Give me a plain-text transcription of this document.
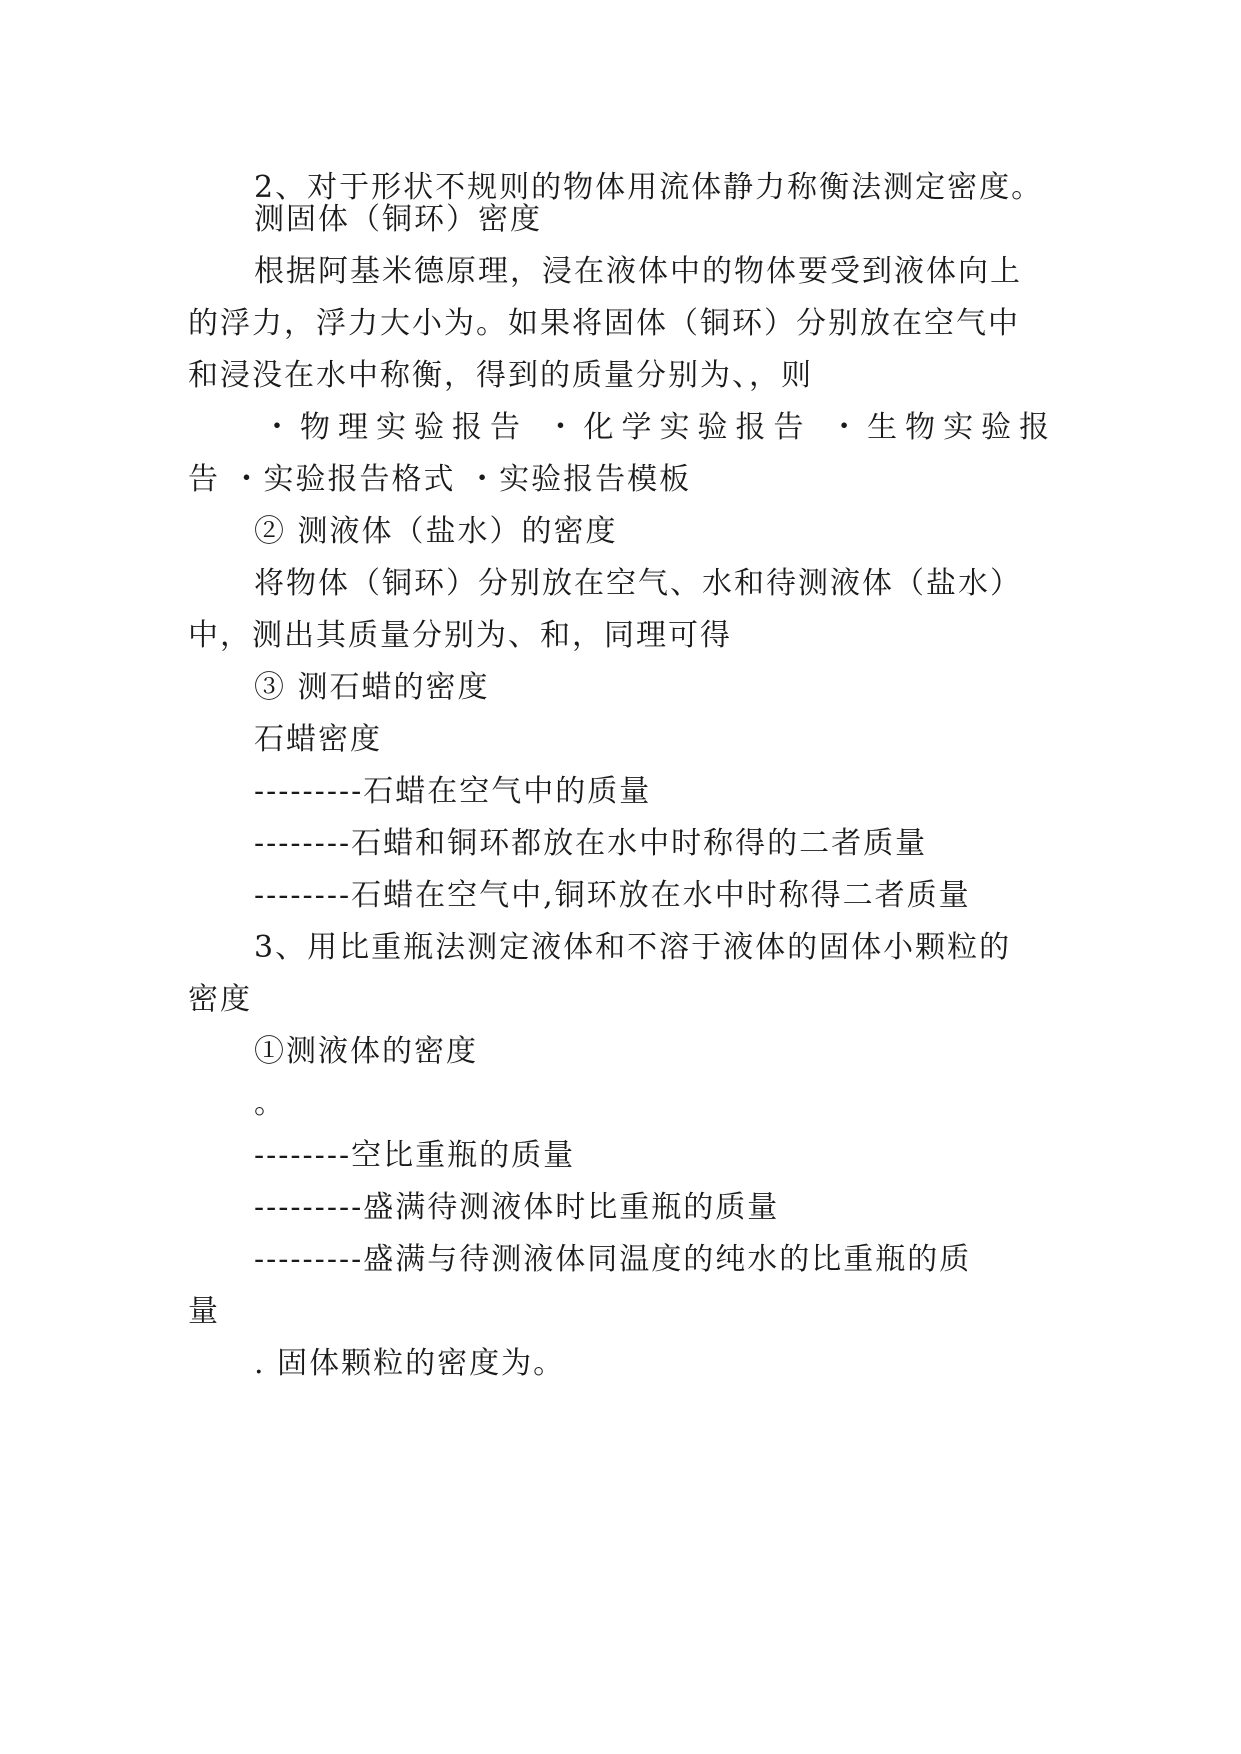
2、对于形状不规则的物体用流体静力称衡法测定密度。
测固体（铜环）密度
根据阿基米德原理，浸在液体中的物体要受到液体向上
的浮力，浮力大小为。如果将固体（铜环）分别放在空气中
和浸没在水中称衡，得到的质量分别为、，则
・物理实验报告 ・化学实验报告 ・生物实验报
告 ・实验报告格式 ・实验报告模板
② 测液体（盐水）的密度
将物体（铜环）分别放在空气、水和待测液体（盐水）
中，测出其质量分别为、和，同理可得
③ 测石蜡的密度
石蜡密度
---------石蜡在空气中的质量
--------石蜡和铜环都放在水中时称得的二者质量
--------石蜡在空气中,铜环放在水中时称得二者质量
3、用比重瓶法测定液体和不溶于液体的固体小颗粒的
密度
①测液体的密度
。
--------空比重瓶的质量
---------盛满待测液体时比重瓶的质量
---------盛满与待测液体同温度的纯水的比重瓶的质
量
. 固体颗粒的密度为。
